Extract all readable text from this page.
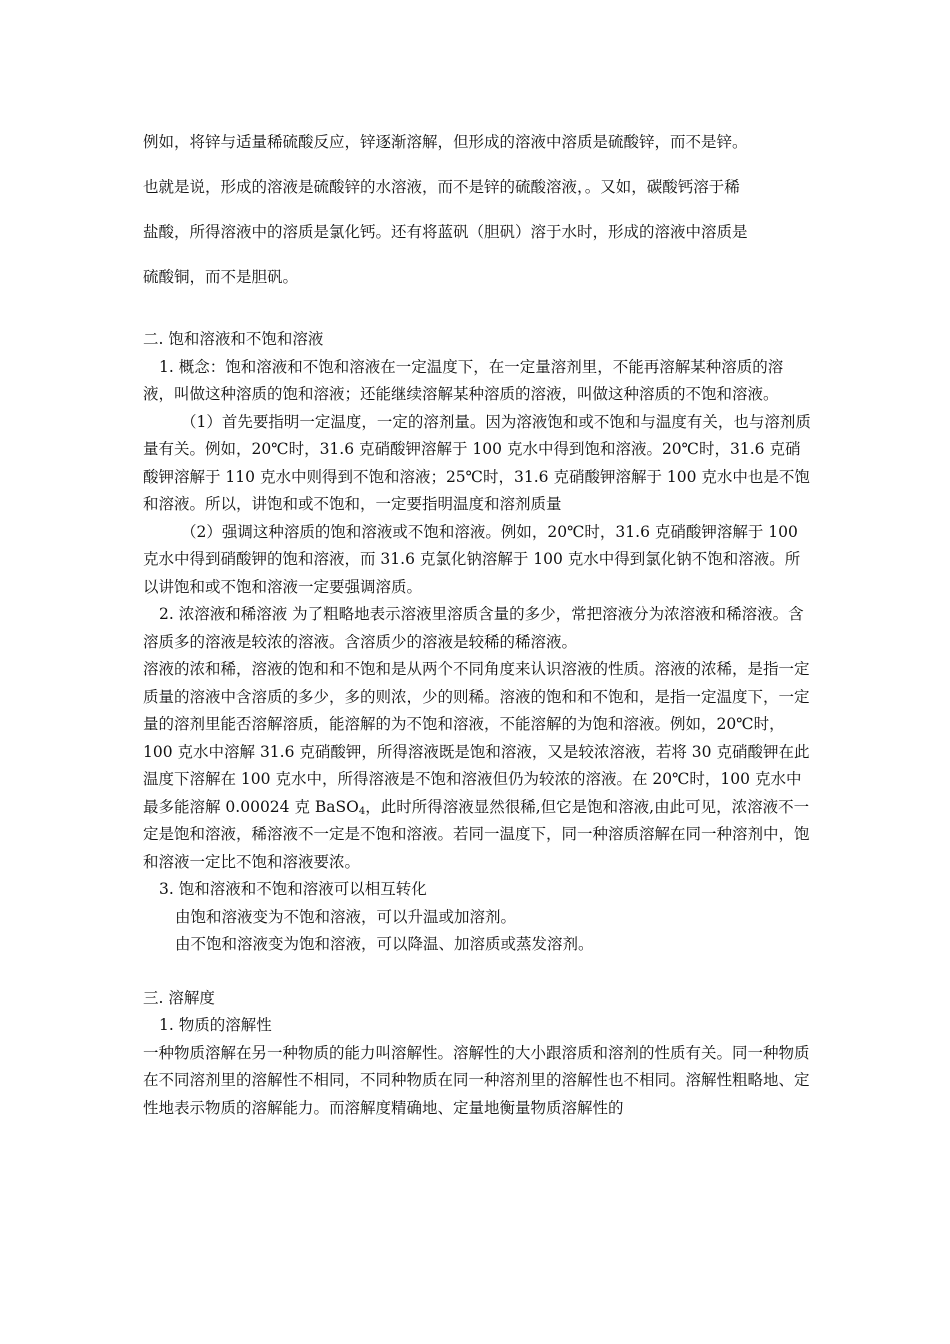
例如，将锌与适量稀硫酸反应，锌逐渐溶解，但形成的溶液中溶质是硫酸锌，而不是锌。

也就是说，形成的溶液是硫酸锌的水溶液，而不是锌的硫酸溶液，。又如，碳酸钙溶于稀

盐酸，所得溶液中的溶质是氯化钙。还有将蓝矾（胆矾）溶于水时，形成的溶液中溶质是

硫酸铜，而不是胆矾。

二. 饱和溶液和不饱和溶液

1. 概念：饱和溶液和不饱和溶液在一定温度下，在一定量溶剂里，不能再溶解某种溶质的溶液，叫做这种溶质的饱和溶液；还能继续溶解某种溶质的溶液，叫做这种溶质的不饱和溶液。

（1）首先要指明一定温度，一定的溶剂量。因为溶液饱和或不饱和与温度有关，也与溶剂质量有关。例如，20℃时，31.6 克硝酸钾溶解于 100 克水中得到饱和溶液。20℃时，31.6 克硝酸钾溶解于 110 克水中则得到不饱和溶液；25℃时，31.6 克硝酸钾溶解于 100 克水中也是不饱和溶液。所以，讲饱和或不饱和，一定要指明温度和溶剂质量

（2）强调这种溶质的饱和溶液或不饱和溶液。例如，20℃时，31.6 克硝酸钾溶解于 100 克水中得到硝酸钾的饱和溶液，而 31.6 克氯化钠溶解于 100 克水中得到氯化钠不饱和溶液。所以讲饱和或不饱和溶液一定要强调溶质。

2. 浓溶液和稀溶液 为了粗略地表示溶液里溶质含量的多少，常把溶液分为浓溶液和稀溶液。含溶质多的溶液是较浓的溶液。含溶质少的溶液是较稀的稀溶液。

溶液的浓和稀，溶液的饱和和不饱和是从两个不同角度来认识溶液的性质。溶液的浓稀，是指一定质量的溶液中含溶质的多少，多的则浓，少的则稀。溶液的饱和和不饱和，是指一定温度下，一定量的溶剂里能否溶解溶质，能溶解的为不饱和溶液，不能溶解的为饱和溶液。例如，20℃时，100 克水中溶解 31.6 克硝酸钾，所得溶液既是饱和溶液，又是较浓溶液，若将 30 克硝酸钾在此温度下溶解在 100 克水中，所得溶液是不饱和溶液但仍为较浓的溶液。在 20℃时，100 克水中最多能溶解 0.00024 克 BaSO$_4$，此时所得溶液显然很稀,但它是饱和溶液,由此可见，浓溶液不一定是饱和溶液，稀溶液不一定是不饱和溶液。若同一温度下，同一种溶质溶解在同一种溶剂中，饱和溶液一定比不饱和溶液要浓。

3. 饱和溶液和不饱和溶液可以相互转化

由饱和溶液变为不饱和溶液，可以升温或加溶剂。

由不饱和溶液变为饱和溶液，可以降温、加溶质或蒸发溶剂。

三. 溶解度

1. 物质的溶解性

一种物质溶解在另一种物质的能力叫溶解性。溶解性的大小跟溶质和溶剂的性质有关。同一种物质在不同溶剂里的溶解性不相同，不同种物质在同一种溶剂里的溶解性也不相同。溶解性粗略地、定性地表示物质的溶解能力。而溶解度精确地、定量地衡量物质溶解性的
